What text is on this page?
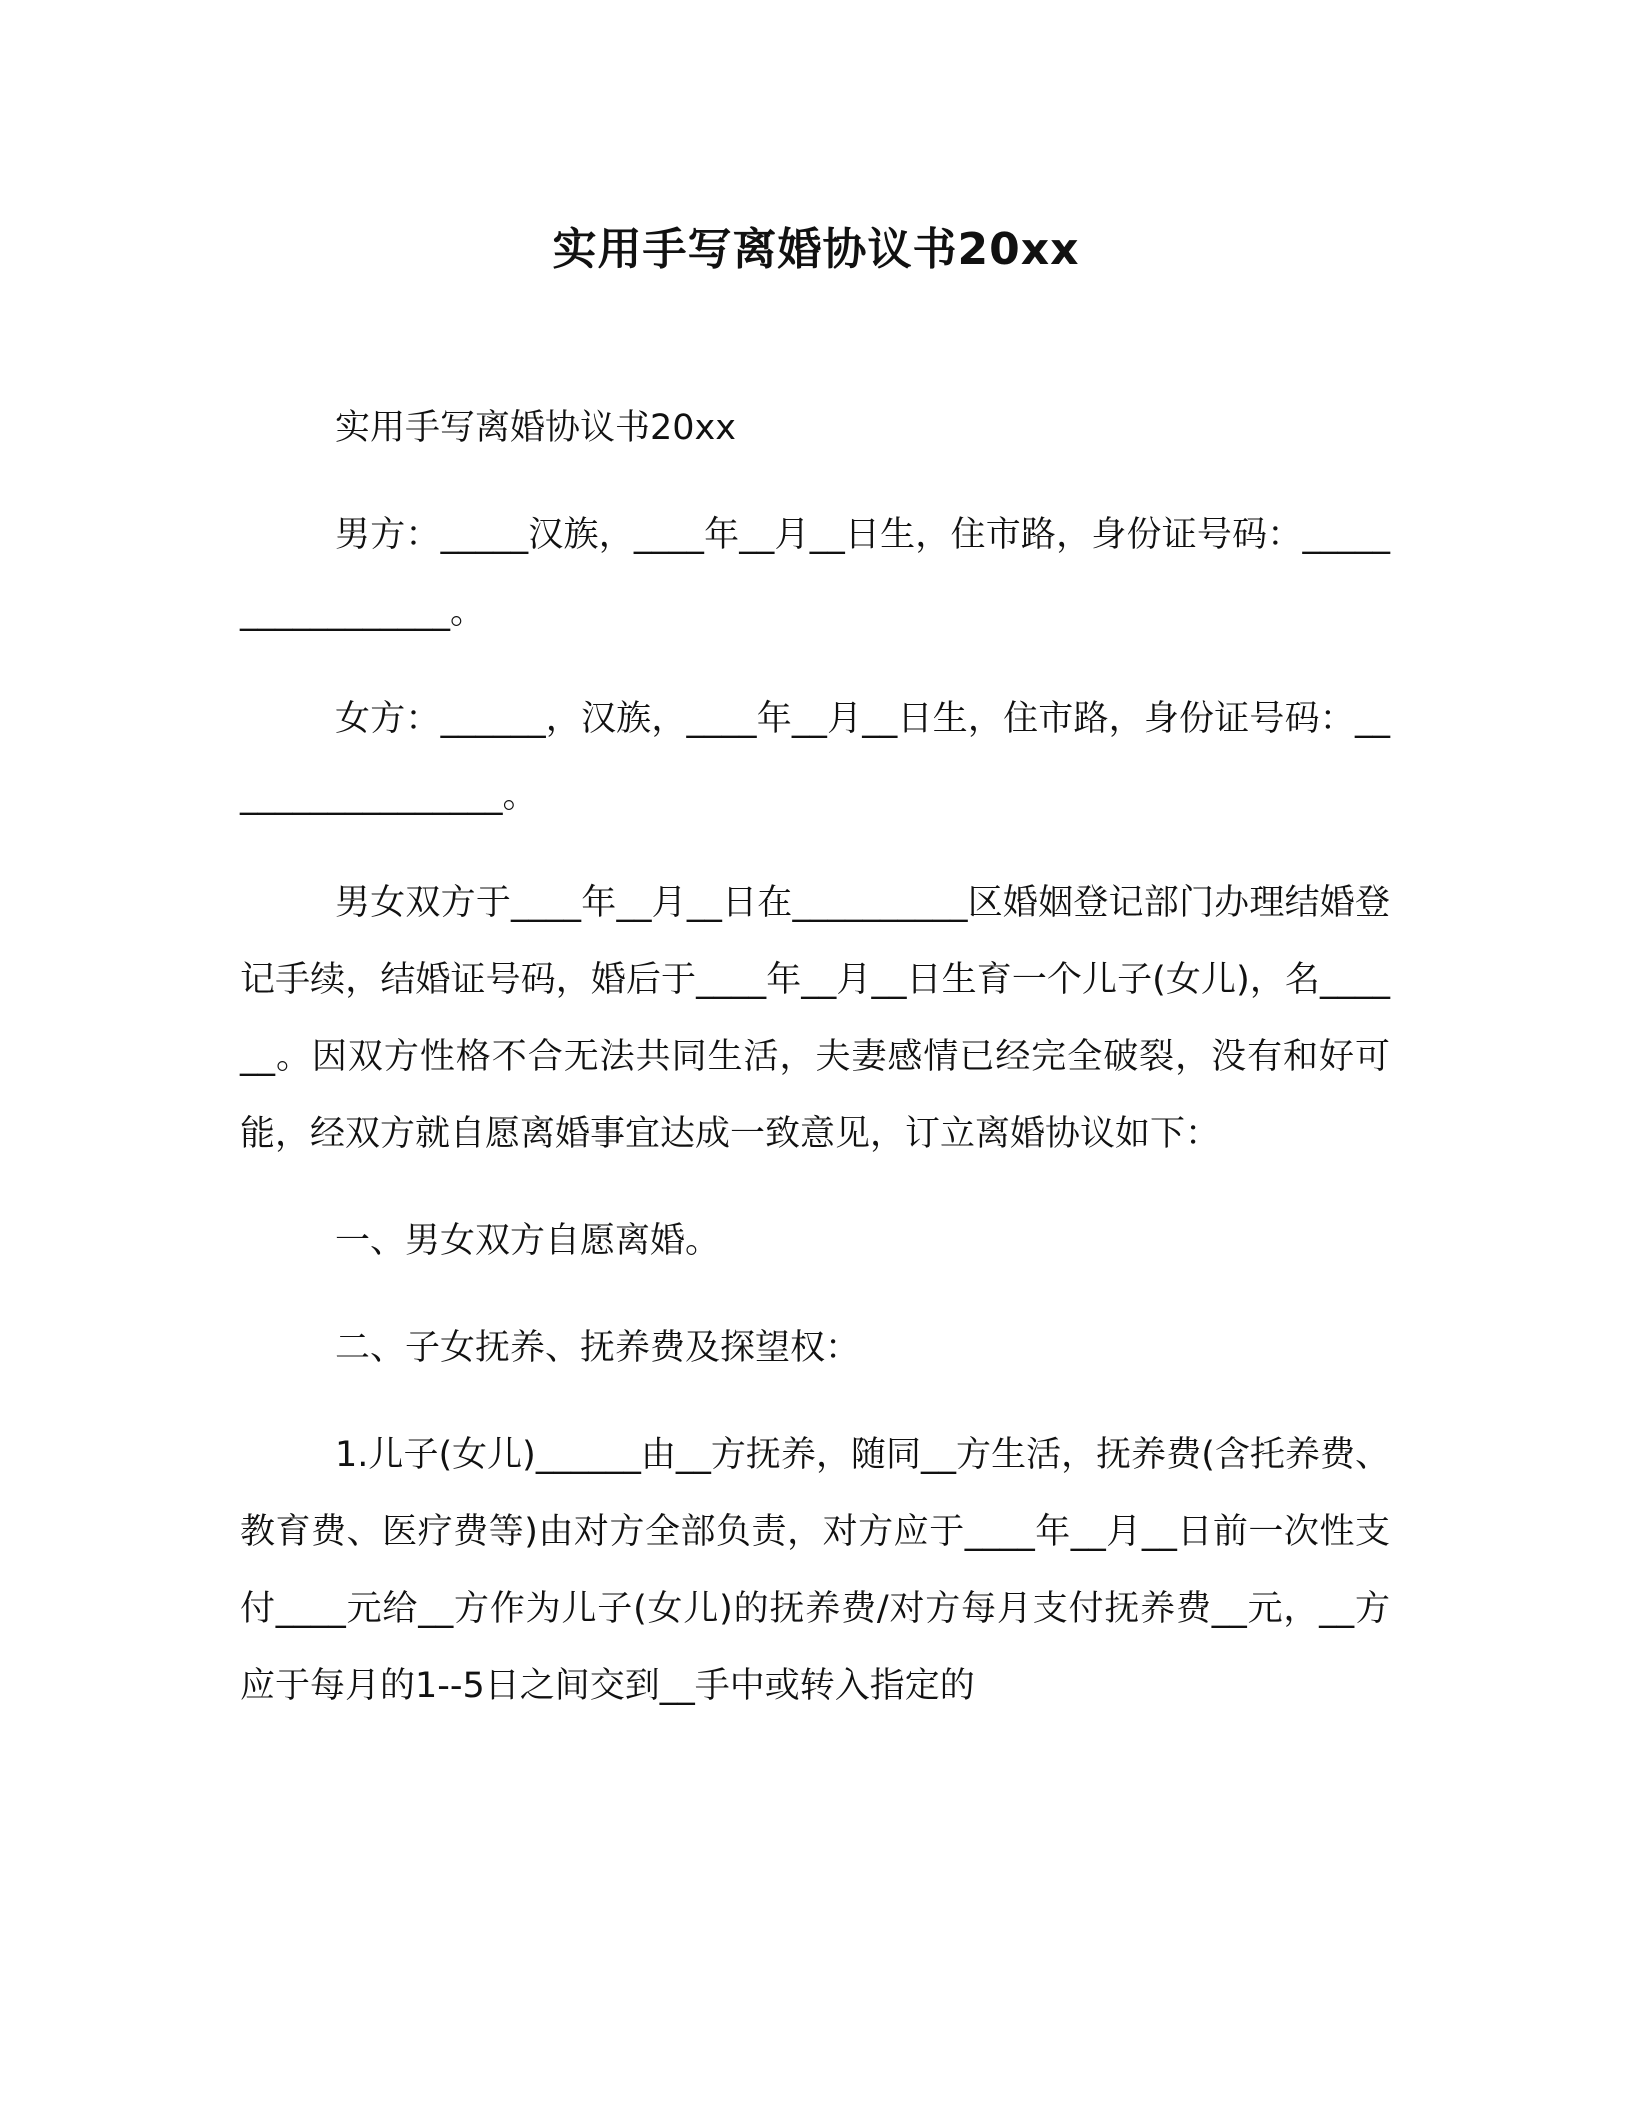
实用手写离婚协议书20xx

实用手写离婚协议书20xx

男方：_____汉族，____年__月__日生，住市路，身份证号码：_________________。

女方：______，汉族，____年__月__日生，住市路，身份证号码：_________________。

男女双方于____年__月__日在__________区婚姻登记部门办理结婚登记手续，结婚证号码，婚后于____年__月__日生育一个儿子(女儿)，名______。因双方性格不合无法共同生活，夫妻感情已经完全破裂，没有和好可能，经双方就自愿离婚事宜达成一致意见，订立离婚协议如下：

一、男女双方自愿离婚。

二、子女抚养、抚养费及探望权：

1.儿子(女儿)______由__方抚养，随同__方生活，抚养费(含托养费、教育费、医疗费等)由对方全部负责，对方应于____年__月__日前一次性支付____元给__方作为儿子(女儿)的抚养费/对方每月支付抚养费__元，__方应于每月的1--5日之间交到__手中或转入指定的
